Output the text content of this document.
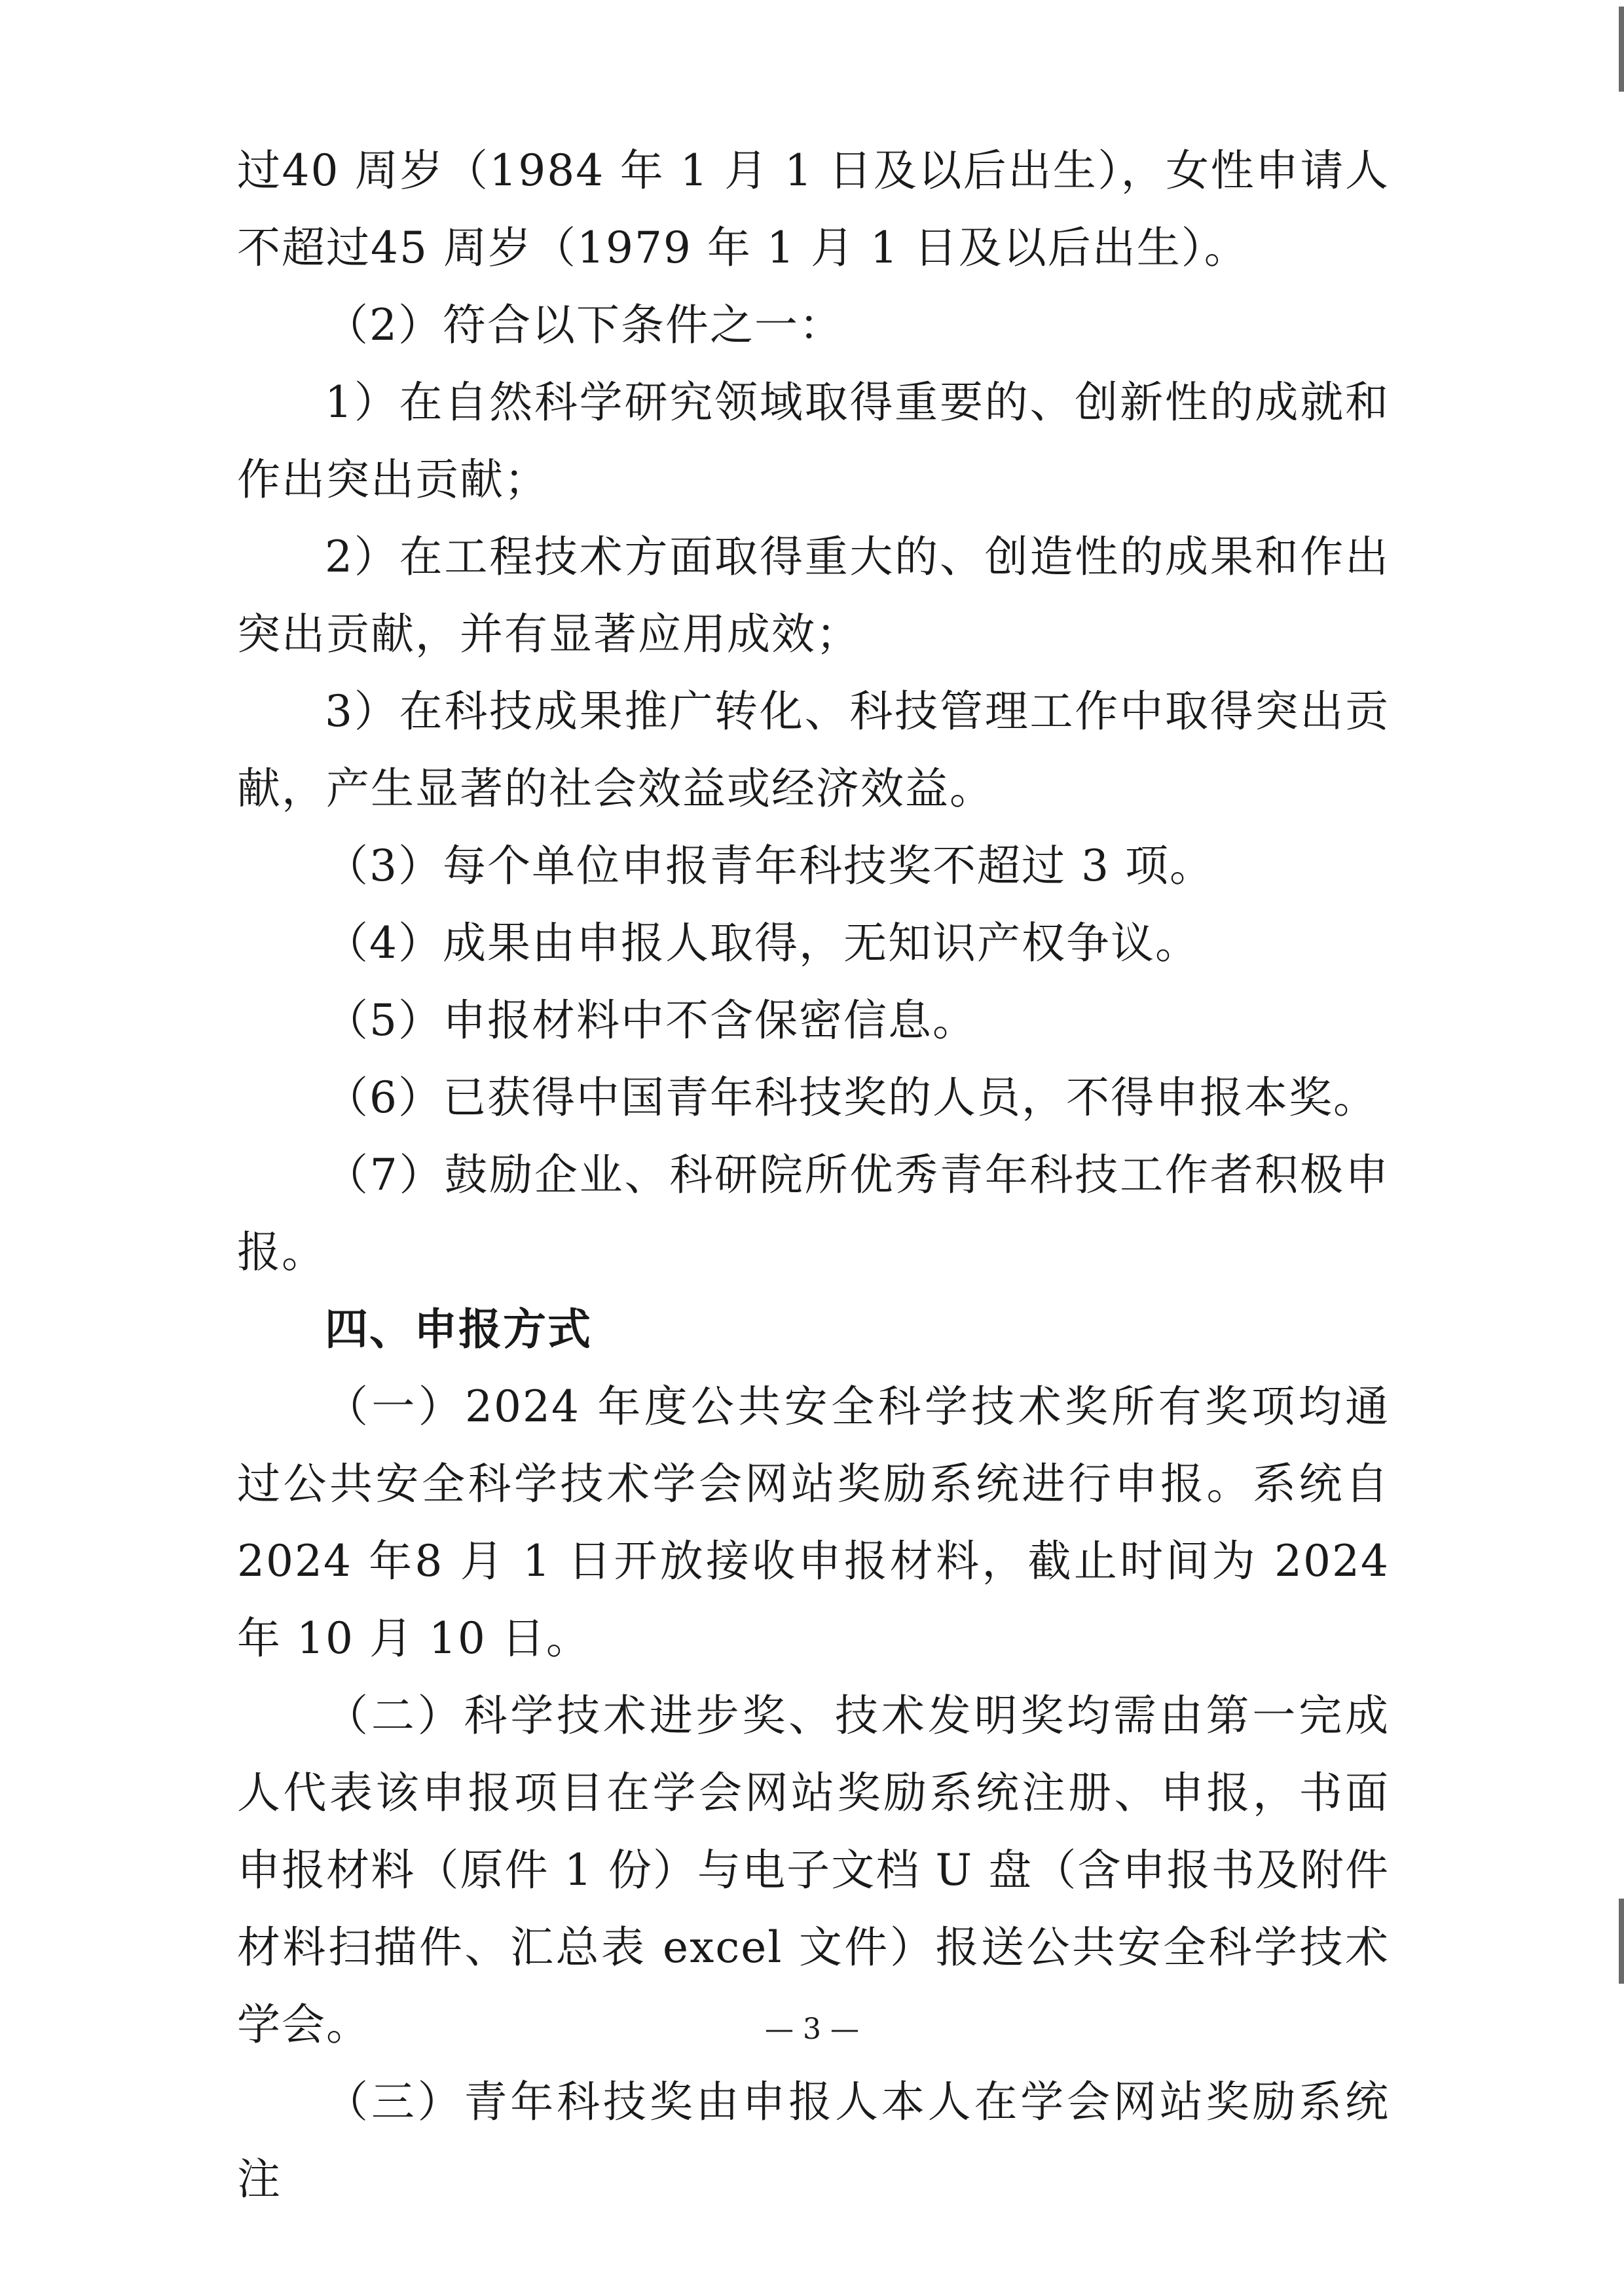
过40 周岁（1984 年 1 月 1 日及以后出生），女性申请人不超过45 周岁（1979 年 1 月 1 日及以后出生）。

（2）符合以下条件之一：

1）在自然科学研究领域取得重要的、创新性的成就和作出突出贡献；

2）在工程技术方面取得重大的、创造性的成果和作出突出贡献，并有显著应用成效；

3）在科技成果推广转化、科技管理工作中取得突出贡献，产生显著的社会效益或经济效益。

（3）每个单位申报青年科技奖不超过 3 项。

（4）成果由申报人取得，无知识产权争议。

（5）申报材料中不含保密信息。

（6）已获得中国青年科技奖的人员，不得申报本奖。

（7）鼓励企业、科研院所优秀青年科技工作者积极申报。

四、申报方式

（一）2024 年度公共安全科学技术奖所有奖项均通过公共安全科学技术学会网站奖励系统进行申报。系统自 2024 年8 月 1 日开放接收申报材料，截止时间为 2024 年 10 月 10 日。

（二）科学技术进步奖、技术发明奖均需由第一完成人代表该申报项目在学会网站奖励系统注册、申报，书面申报材料（原件 1 份）与电子文档 U 盘（含申报书及附件材料扫描件、汇总表 excel 文件）报送公共安全科学技术学会。

（三）青年科技奖由申报人本人在学会网站奖励系统注

— 3 —
